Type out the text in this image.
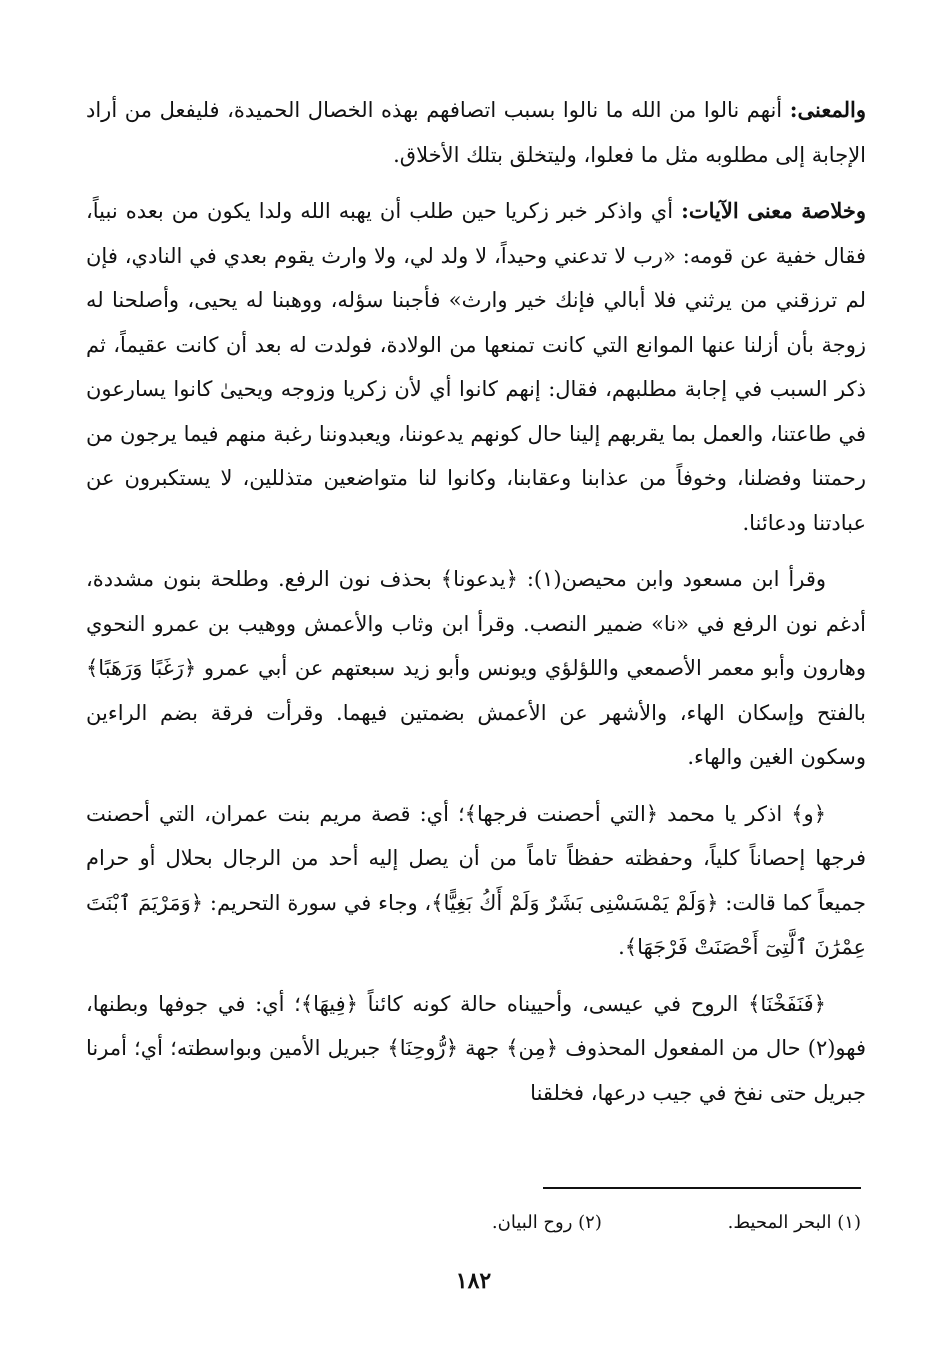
والمعنى: أنهم نالوا من الله ما نالوا بسبب اتصافهم بهذه الخصال الحميدة، فليفعل من أراد الإجابة إلى مطلوبه مثل ما فعلوا، وليتخلق بتلك الأخلاق.

وخلاصة معنى الآيات: أي واذكر خبر زكريا حين طلب أن يهبه الله ولدا يكون من بعده نبياً، فقال خفية عن قومه: «رب لا تدعني وحيداً، لا ولد لي، ولا وارث يقوم بعدي في النادي، فإن لم ترزقني من يرثني فلا أبالي فإنك خير وارث» فأجبنا سؤله، ووهبنا له يحيى، وأصلحنا له زوجة بأن أزلنا عنها الموانع التي كانت تمنعها من الولادة، فولدت له بعد أن كانت عقيماً، ثم ذكر السبب في إجابة مطلبهم، فقال: إنهم كانوا أي لأن زكريا وزوجه ويحيىٰ كانوا يسارعون في طاعتنا، والعمل بما يقربهم إلينا حال كونهم يدعوننا، ويعبدوننا رغبة منهم فيما يرجون من رحمتنا وفضلنا، وخوفاً من عذابنا وعقابنا، وكانوا لنا متواضعين متذللين، لا يستكبرون عن عبادتنا ودعائنا.

وقرأ ابن مسعود وابن محيصن(١): ﴿يدعونا﴾ بحذف نون الرفع. وطلحة بنون مشددة، أدغم نون الرفع في «نا» ضمير النصب. وقرأ ابن وثاب والأعمش ووهيب بن عمرو النحوي وهارون وأبو معمر الأصمعي واللؤلؤي ويونس وأبو زيد سبعتهم عن أبي عمرو ﴿رَغَبًا وَرَهَبًا﴾ بالفتح وإسكان الهاء، والأشهر عن الأعمش بضمتين فيهما. وقرأت فرقة بضم الراءين وسكون الغين والهاء.

﴿و﴾ اذكر يا محمد ﴿التي أحصنت فرجها﴾؛ أي: قصة مريم بنت عمران، التي أحصنت فرجها إحصاناً كلياً، وحفظته حفظاً تاماً من أن يصل إليه أحد من الرجال بحلال أو حرام جميعاً كما قالت: ﴿وَلَمْ يَمْسَسْنِى بَشَرٌ وَلَمْ أَكُ بَغِيًّا﴾، وجاء في سورة التحريم: ﴿وَمَرْيَمَ ٱبْنَتَ عِمْرَٰنَ ٱلَّتِىٓ أَحْصَنَتْ فَرْجَهَا﴾.

﴿فَنَفَخْنَا﴾ الروح في عيسى، وأحييناه حالة كونه كائناً ﴿فِيهَا﴾؛ أي: في جوفها وبطنها، فهو(٢) حال من المفعول المحذوف ﴿مِن﴾ جهة ﴿رُّوحِنَا﴾ جبريل الأمين وبواسطته؛ أي؛ أمرنا جبريل حتى نفخ في جيب درعها، فخلقنا

(١) البحر المحيط. (٢) روح البيان.
١٨٢
